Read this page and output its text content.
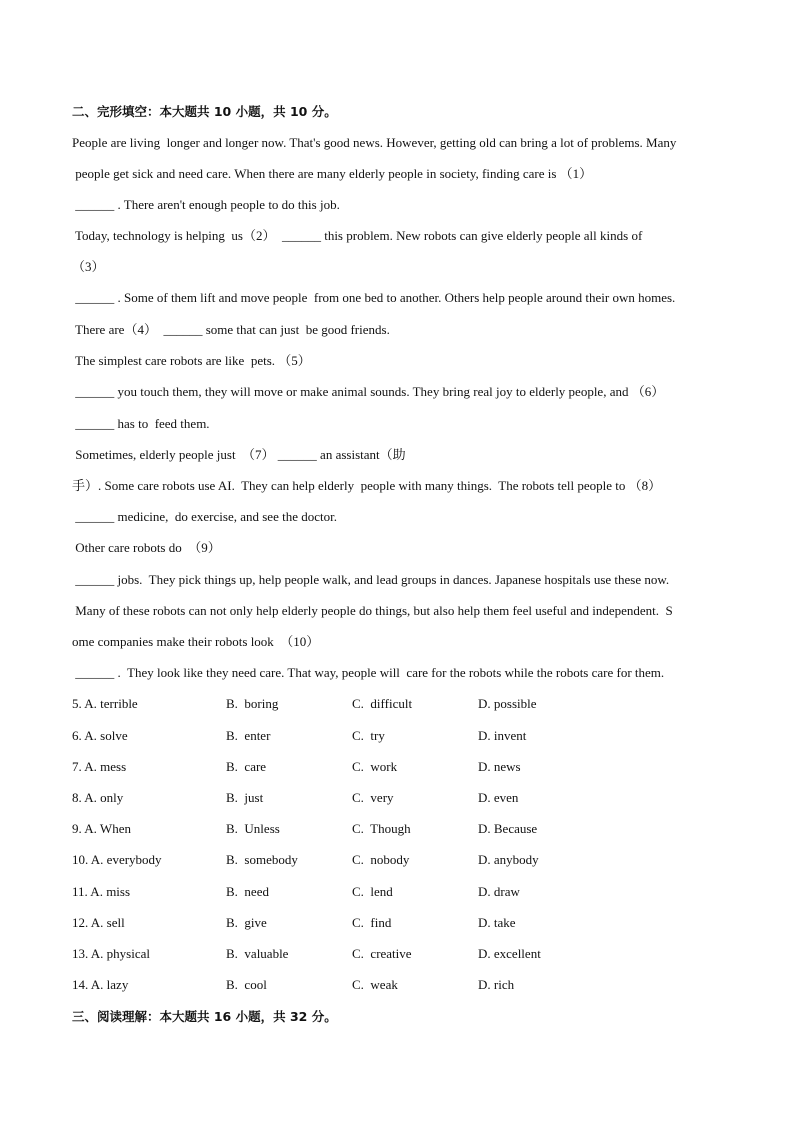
二、完形填空：本大题共 10 小题，共 10 分。
People are living  longer and longer now. That's good news. However, getting old can bring a lot of problems. Many
people get sick and need care. When there are many elderly people in society, finding care is （1）
______ . There aren't enough people to do this job.
Today, technology is helping  us（2）  ______ this problem. New robots can give elderly people all kinds of
（3）
______ . Some of them lift and move people  from one bed to another. Others help people around their own homes.
There are（4）  ______ some that can just  be good friends.
The simplest care robots are like  pets. （5）
______ you touch them, they will move or make animal sounds. They bring real joy to elderly people, and （6）
______ has to  feed them.
Sometimes, elderly people just  （7） ______ an assistant（助
手）. Some care robots use AI.  They can help elderly  people with many things.  The robots tell people to （8）
______ medicine,  do exercise, and see the doctor.
Other care robots do  （9）
______ jobs.  They pick things up, help people walk, and lead groups in dances. Japanese hospitals use these now.
Many of these robots can not only help elderly people do things, but also help them feel useful and independent.  S
ome companies make their robots look  （10）
______ .  They look like they need care. That way, people will  care for the robots while the robots care for them.
5. A. terrible	B.  boring	C.  difficult	D. possible
6. A. solve	B.  enter	C.  try	D. invent
7. A. mess	B.  care	C.  work	D. news
8. A. only	B.  just	C.  very	D. even
9. A. When	B.  Unless	C.  Though	D. Because
10. A. everybody	B.  somebody	C.  nobody	D. anybody
11. A. miss	B.  need	C.  lend	D. draw
12. A. sell	B.  give	C.  find	D. take
13. A. physical	B.  valuable	C.  creative	D. excellent
14. A. lazy	B.  cool	C.  weak	D. rich
三、阅读理解：本大题共 16 小题，共 32 分。
